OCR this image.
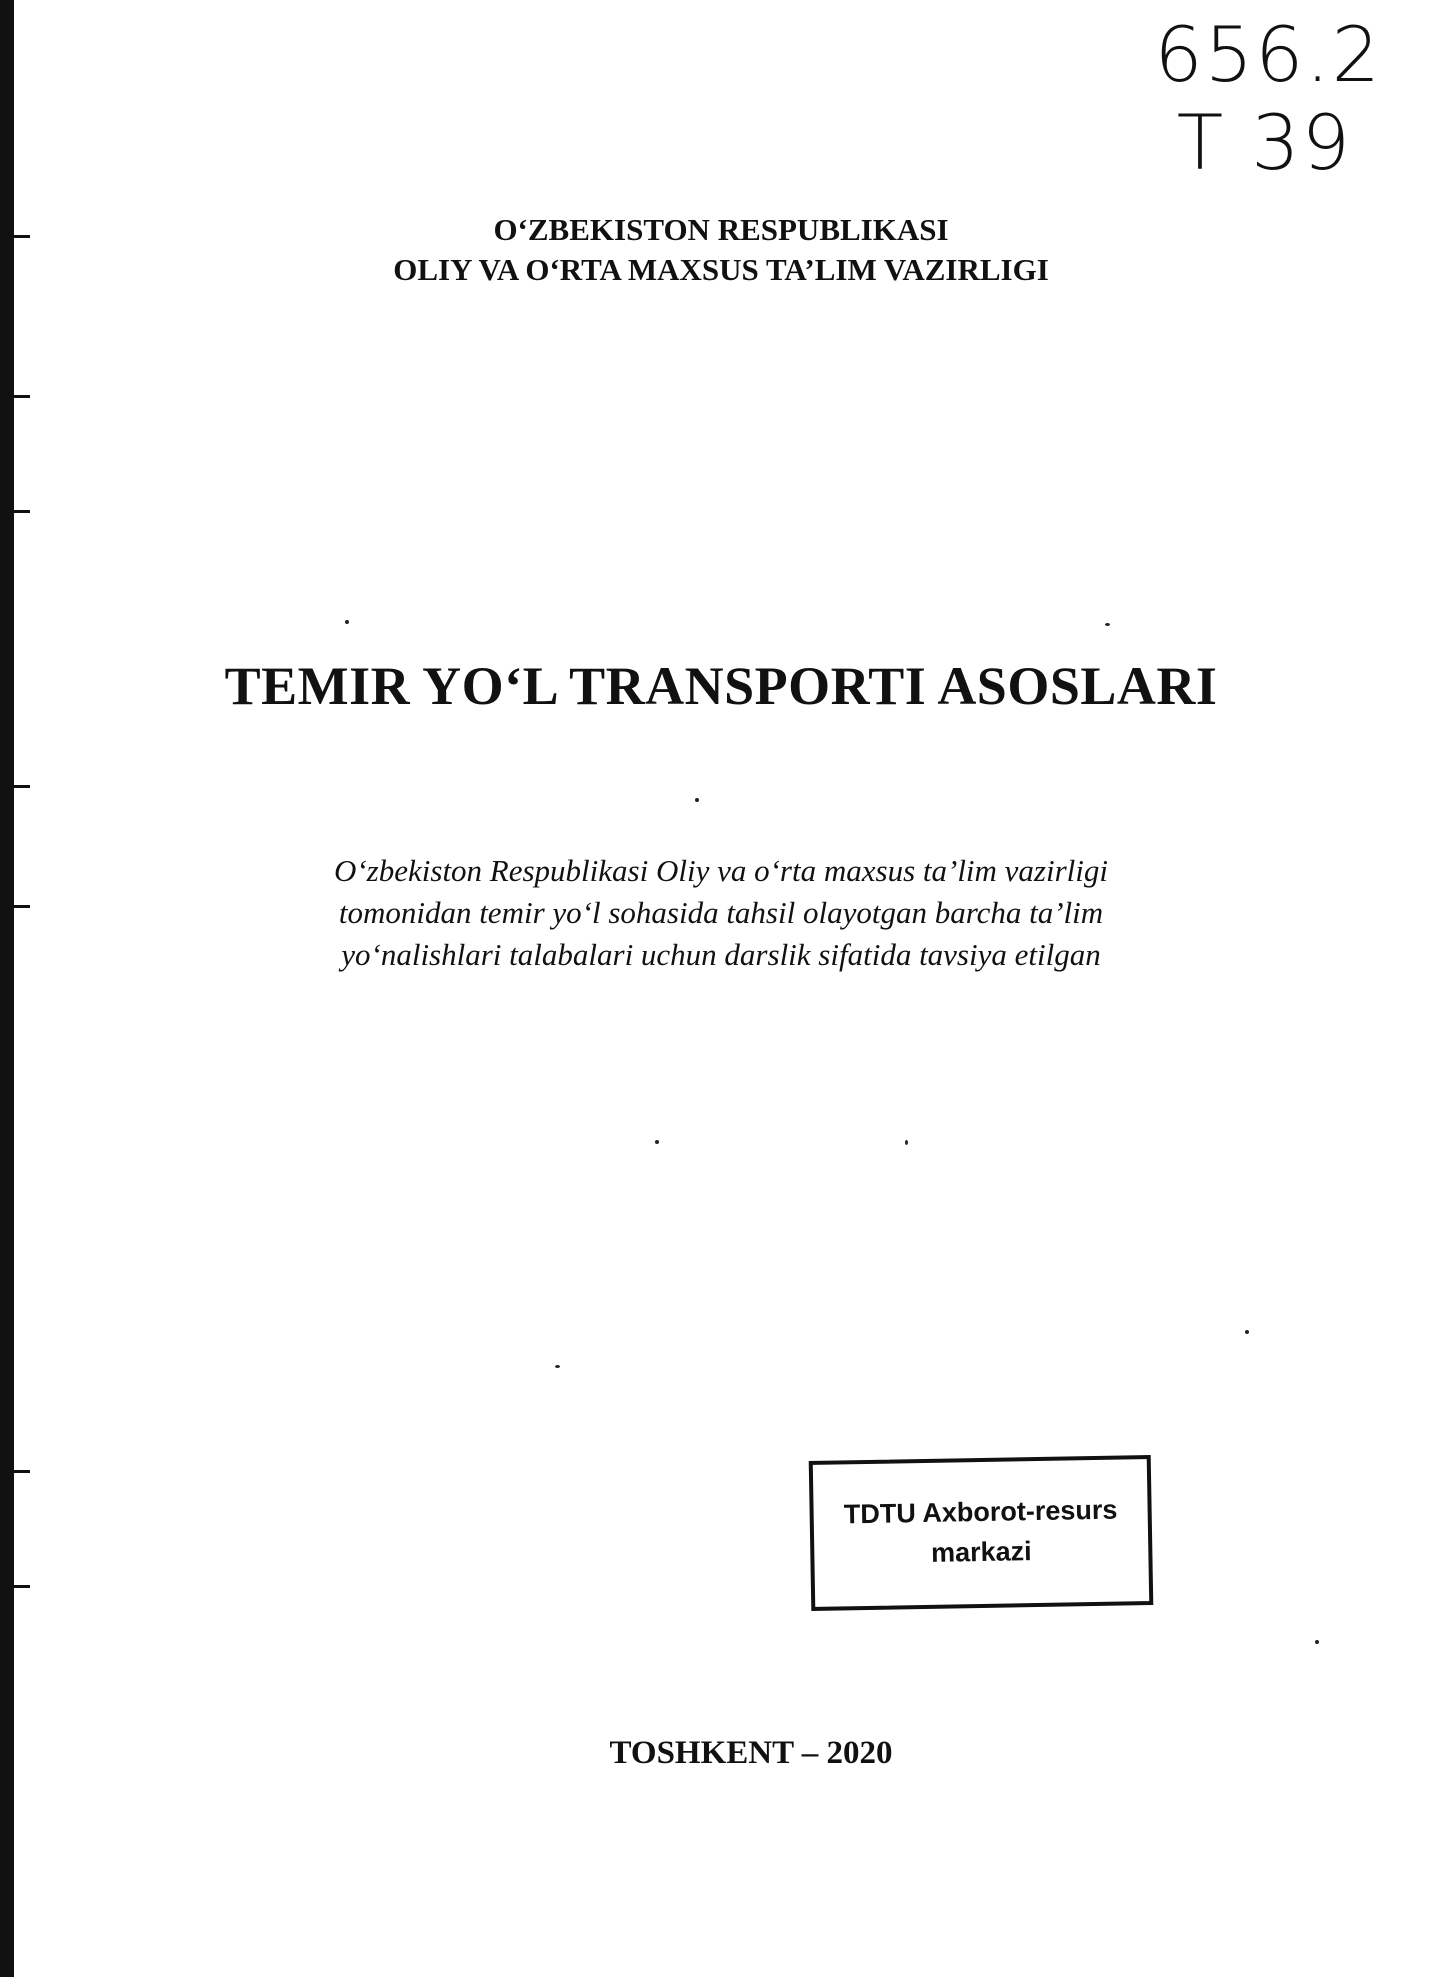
656.2
T 39
O‘ZBEKISTON RESPUBLIKASI
OLIY VA O‘RTA MAXSUS TA’LIM VAZIRLIGI
TEMIR YO‘L TRANSPORTI ASOSLARI
O‘zbekiston Respublikasi Oliy va o‘rta maxsus ta’lim vazirligi
tomonidan temir yo‘l sohasida tahsil olayotgan barcha ta’lim
yo‘nalishlari talabalari uchun darslik sifatida tavsiya etilgan
TDTU Axborot-resurs
markazi
TOSHKENT – 2020
